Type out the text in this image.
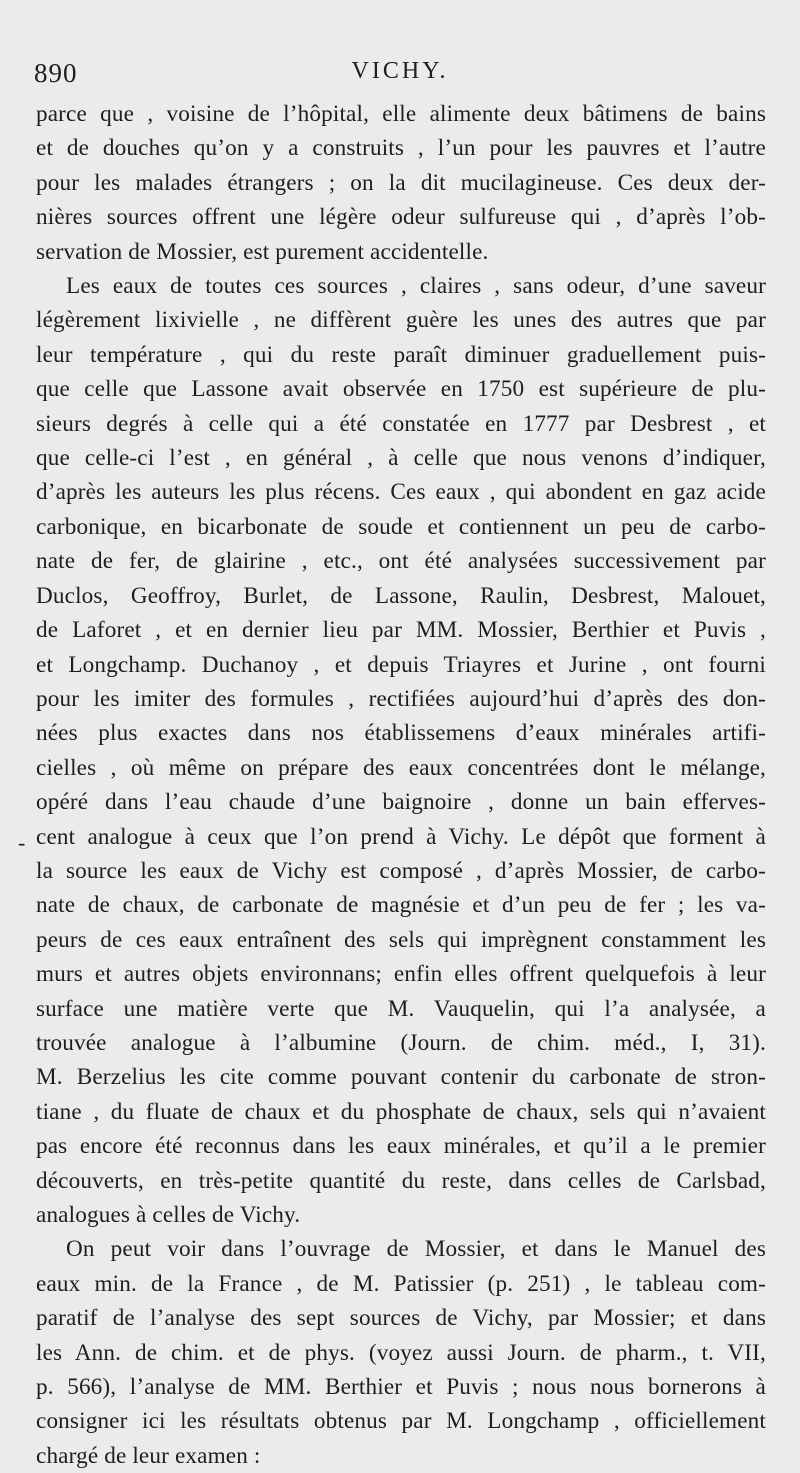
890	VICHY.
-
parce que , voisine de l’hôpital, elle alimente deux bâtimens de bains
et de douches qu’on y a construits , l’un pour les pauvres et l’autre
pour les malades étrangers ; on la dit mucilagineuse. Ces deux der-
nières sources offrent une légère odeur sulfureuse qui , d’après l’ob-
servation de Mossier, est purement accidentelle.
Les eaux de toutes ces sources , claires , sans odeur, d’une saveur
légèrement lixivielle , ne diffèrent guère les unes des autres que par
leur température , qui du reste paraît diminuer graduellement puis-
que celle que Lassone avait observée en 1750 est supérieure de plu-
sieurs degrés à celle qui a été constatée en 1777 par Desbrest , et
que celle-ci l’est , en général , à celle que nous venons d’indiquer,
d’après les auteurs les plus récens. Ces eaux , qui abondent en gaz acide
carbonique, en bicarbonate de soude et contiennent un peu de carbo-
nate de fer, de glairine , etc., ont été analysées successivement par
Duclos, Geoffroy, Burlet, de Lassone, Raulin, Desbrest, Malouet,
de Laforet , et en dernier lieu par MM. Mossier, Berthier et Puvis ,
et Longchamp. Duchanoy , et depuis Triayres et Jurine , ont fourni
pour les imiter des formules , rectifiées aujourd’hui d’après des don-
nées plus exactes dans nos établissemens d’eaux minérales artifi-
cielles , où même on prépare des eaux concentrées dont le mélange,
opéré dans l’eau chaude d’une baignoire , donne un bain efferves-
cent analogue à ceux que l’on prend à Vichy. Le dépôt que forment à
la source les eaux de Vichy est composé , d’après Mossier, de carbo-
nate de chaux, de carbonate de magnésie et d’un peu de fer ; les va-
peurs de ces eaux entraînent des sels qui imprègnent constamment les
murs et autres objets environnans; enfin elles offrent quelquefois à leur
surface une matière verte que M. Vauquelin, qui l’a analysée, a
trouvée analogue à l’albumine (Journ. de chim. méd., I, 31).
M. Berzelius les cite comme pouvant contenir du carbonate de stron-
tiane , du fluate de chaux et du phosphate de chaux, sels qui n’avaient
pas encore été reconnus dans les eaux minérales, et qu’il a le premier
découverts, en très-petite quantité du reste, dans celles de Carlsbad,
analogues à celles de Vichy.
On peut voir dans l’ouvrage de Mossier, et dans le Manuel des
eaux min. de la France , de M. Patissier (p. 251) , le tableau com-
paratif de l’analyse des sept sources de Vichy, par Mossier; et dans
les Ann. de chim. et de phys. (voyez aussi Journ. de pharm., t. VII,
p. 566), l’analyse de MM. Berthier et Puvis ; nous nous bornerons à
consigner ici les résultats obtenus par M. Longchamp , officiellement
chargé de leur examen :
